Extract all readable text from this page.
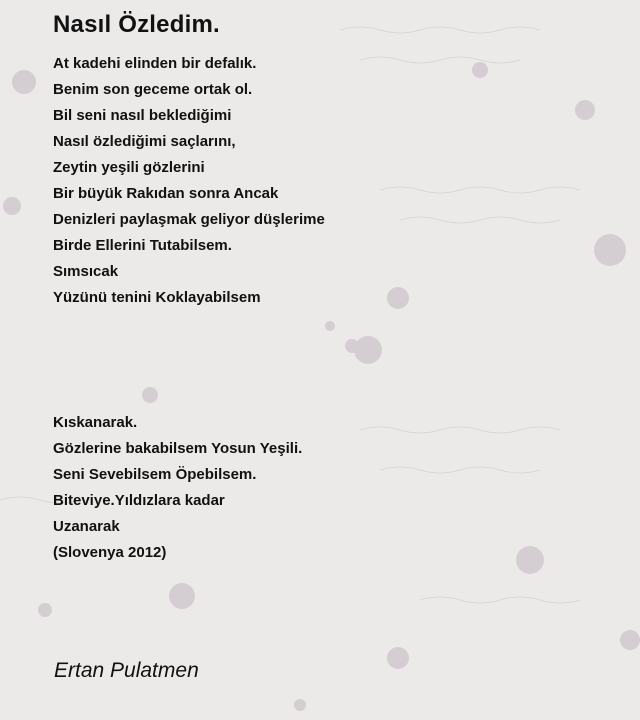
Nasıl Özledim.
At kadehi elinden bir defalık.
Benim son geceme ortak ol.
Bil seni nasıl beklediğimi
Nasıl özlediğimi saçlarını,
Zeytin yeşili gözlerini
Bir büyük Rakıdan sonra Ancak
Denizleri paylaşmak geliyor düşlerime
Birde Ellerini Tutabilsem.
Sımsıcak
Yüzünü tenini Koklayabilsem
Kıskanarak.
Gözlerine bakabilsem Yosun Yeşili.
Seni Sevebilsem Öpebilsem.
Biteviye.Yıldızlara kadar
Uzanarak
(Slovenya 2012)
Ertan Pulatmen
